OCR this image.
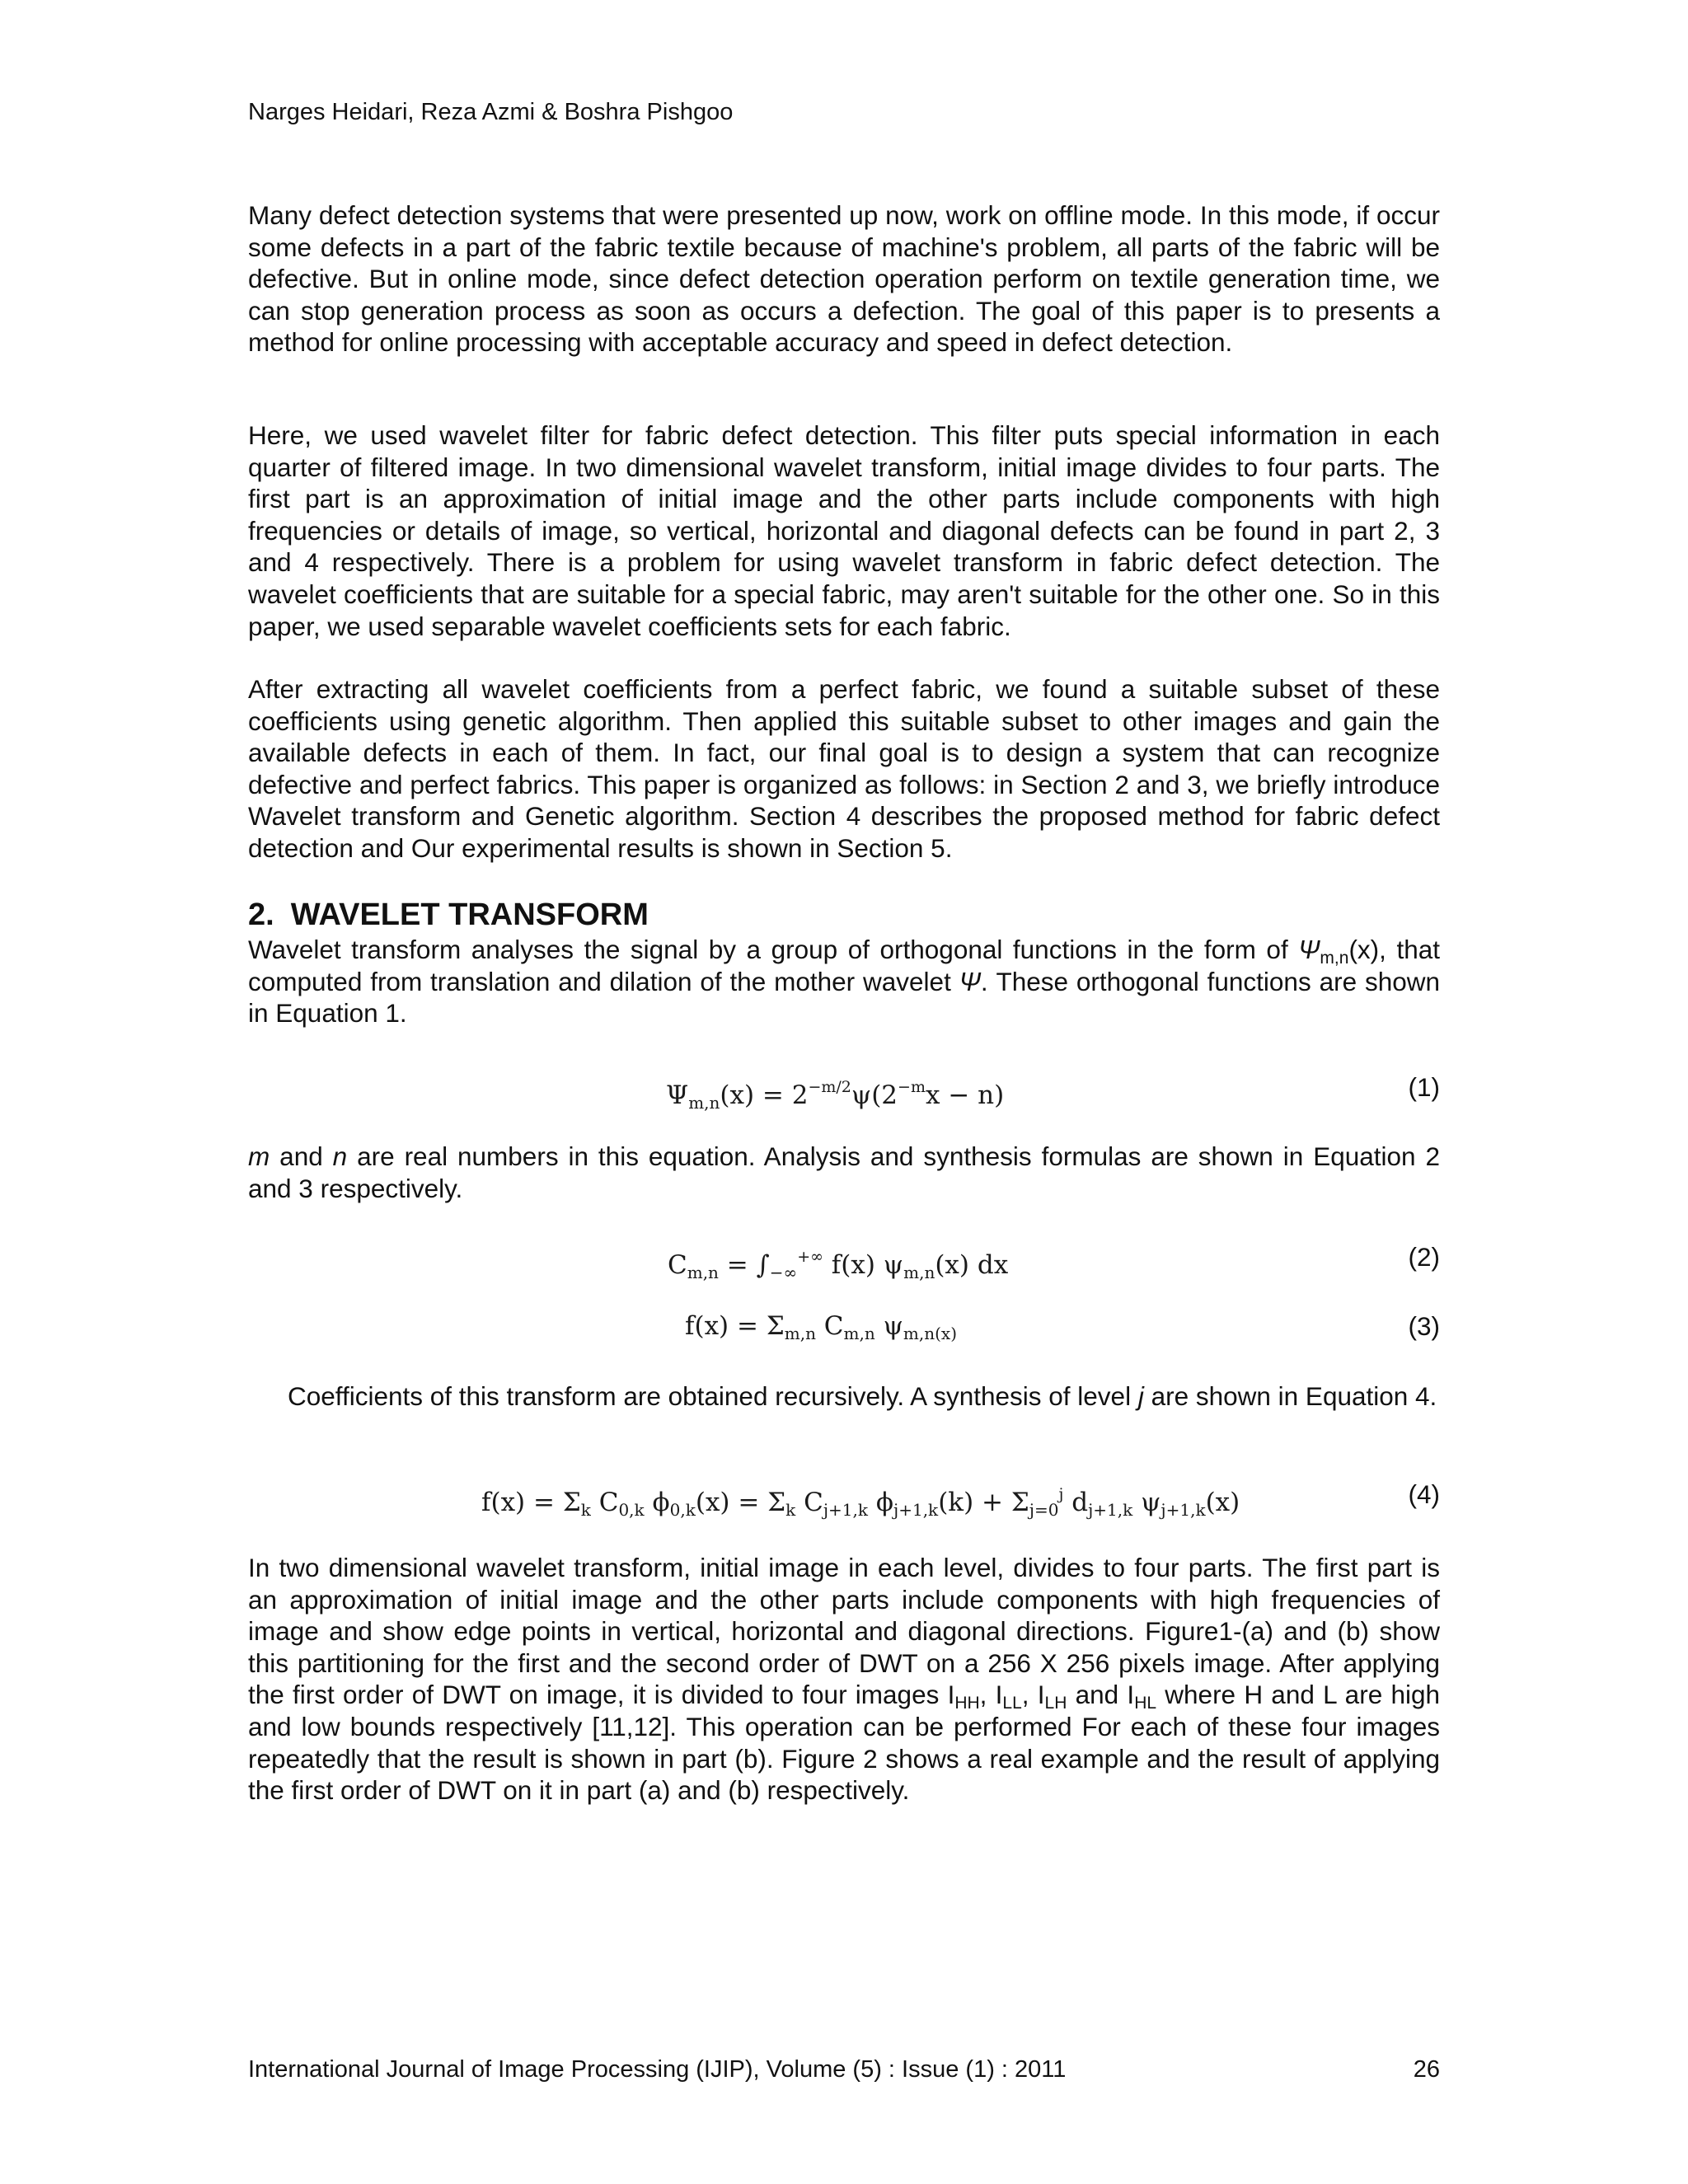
Narges Heidari, Reza Azmi & Boshra Pishgoo

Many defect detection systems that were presented up now, work on offline mode. In this mode, if occur some defects in a part of the fabric textile because of machine's problem, all parts of the fabric will be defective. But in online mode, since defect detection operation perform on textile generation time, we can stop generation process as soon as occurs a defection. The goal of this paper is to presents a method for online processing with acceptable accuracy and speed in defect detection.

Here, we used wavelet filter for fabric defect detection. This filter puts special information in each quarter of filtered image. In two dimensional wavelet transform, initial image divides to four parts. The first part is an approximation of initial image and the other parts include components with high frequencies or details of image, so vertical, horizontal and diagonal defects can be found in part 2, 3 and 4 respectively. There is a problem for using wavelet transform in fabric defect detection. The wavelet coefficients that are suitable for a special fabric, may aren't suitable for the other one. So in this paper, we used separable wavelet coefficients sets for each fabric.

After extracting all wavelet coefficients from a perfect fabric, we found a suitable subset of these coefficients using genetic algorithm. Then applied this suitable subset to other images and gain the available defects in each of them. In fact, our final goal is to design a system that can recognize defective and perfect fabrics. This paper is organized as follows: in Section 2 and 3, we briefly introduce Wavelet transform and Genetic algorithm. Section 4 describes the proposed method for fabric defect detection and Our experimental results is shown in Section 5.

2. WAVELET TRANSFORM

Wavelet transform analyses the signal by a group of orthogonal functions in the form of $\Psi_{m,n}(x)$, that computed from translation and dilation of the mother wavelet Ψ. These orthogonal functions are shown in Equation 1.

$\Psi_{m,n}(x) = 2^{-m/2}\psi(2^{-m}x - n)$	(1)

m and n are real numbers in this equation. Analysis and synthesis formulas are shown in Equation 2 and 3 respectively.

$C_{m,n} = \int_{-\infty}^{+\infty}$ f(x) $\psi_{m,n}(x)$ dx	(2)
$f(x) = \Sigma_{m,n}$ $C_{m,n}$ $\psi_{m,n(x)}$	(3)

Coefficients of this transform are obtained recursively. A synthesis of level j are shown in Equation 4.

$f(x) = \Sigma_k$ $C_{0,k}$ $\phi_{0,k}(x) = \Sigma_k$ $C_{j+1,k}$ $\phi_{j+1,k}(k) + \Sigma_{j=0}^j$ $d_{j+1,k}$ $\psi_{j+1,k}(x)$	(4)

In two dimensional wavelet transform, initial image in each level, divides to four parts. The first part is an approximation of initial image and the other parts include components with high frequencies of image and show edge points in vertical, horizontal and diagonal directions. Figure1-(a) and (b) show this partitioning for the first and the second order of DWT on a 256 X 256 pixels image. After applying the first order of DWT on image, it is divided to four images $I_{HH}$, $I_{LL}$, $I_{LH}$ and $I_{HL}$ where H and L are high and low bounds respectively [11,12]. This operation can be performed For each of these four images repeatedly that the result is shown in part (b). Figure 2 shows a real example and the result of applying the first order of DWT on it in part (a) and (b) respectively.

International Journal of Image Processing (IJIP), Volume (5) : Issue (1) : 2011	26
